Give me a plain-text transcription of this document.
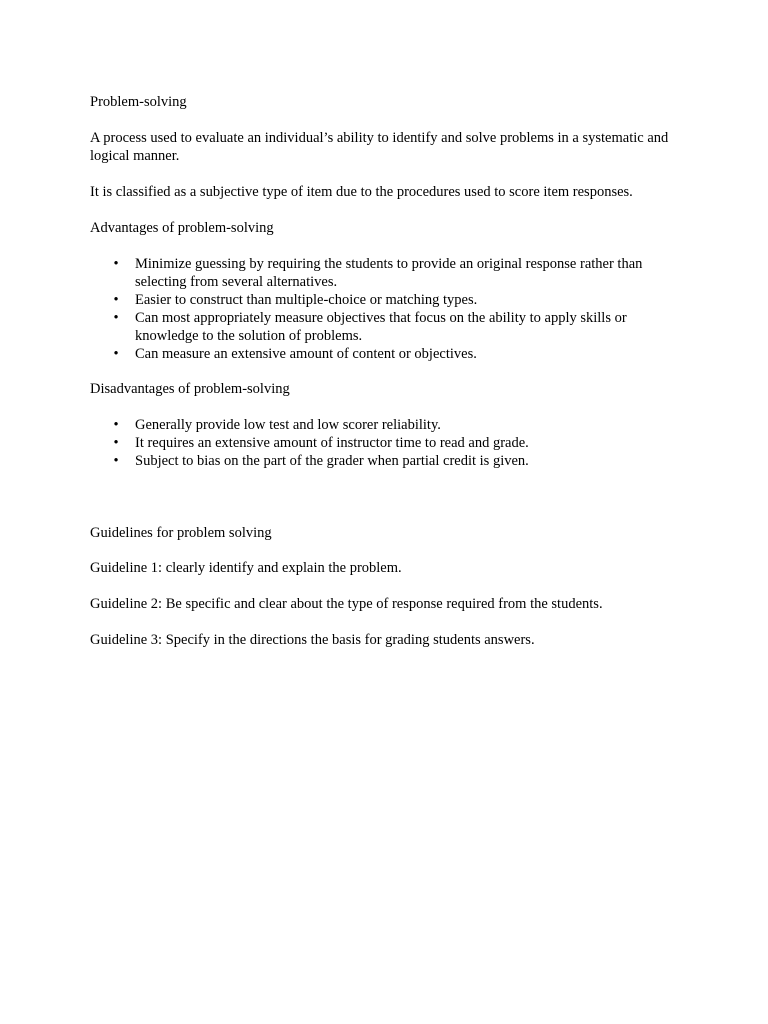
Problem-solving

A process used to evaluate an individual’s ability to identify and solve problems in a systematic and logical manner.

It is classified as a subjective type of item due to the procedures used to score item responses.

Advantages of problem-solving

• Minimize guessing by requiring the students to provide an original response rather than selecting from several alternatives.
• Easier to construct than multiple-choice or matching types.
• Can most appropriately measure objectives that focus on the ability to apply skills or knowledge to the solution of problems.
• Can measure an extensive amount of content or objectives.

Disadvantages of problem-solving

• Generally provide low test and low scorer reliability.
• It requires an extensive amount of instructor time to read and grade.
• Subject to bias on the part of the grader when partial credit is given.

Guidelines for problem solving

Guideline 1: clearly identify and explain the problem.

Guideline 2: Be specific and clear about the type of response required from the students.

Guideline 3: Specify in the directions the basis for grading students answers.
